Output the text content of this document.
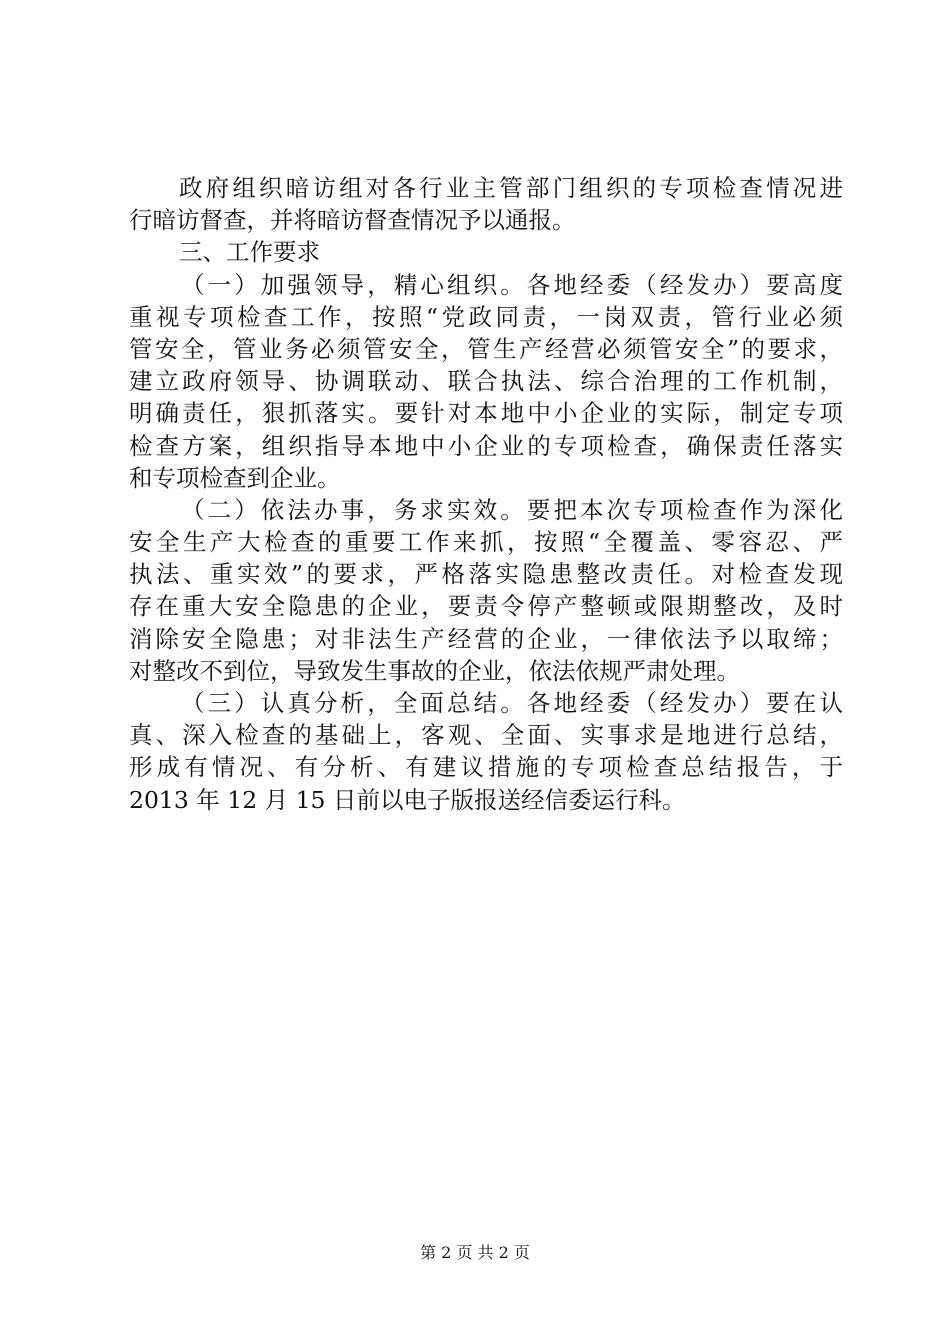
政府组织暗访组对各行业主管部门组织的专项检查情况进
行暗访督查，并将暗访督查情况予以通报。
三、工作要求
（一）加强领导，精心组织。各地经委（经发办）要高度
重视专项检查工作，按照“党政同责，一岗双责，管行业必须
管安全，管业务必须管安全，管生产经营必须管安全”的要求，
建立政府领导、协调联动、联合执法、综合治理的工作机制，
明确责任，狠抓落实。要针对本地中小企业的实际，制定专项
检查方案，组织指导本地中小企业的专项检查，确保责任落实
和专项检查到企业。
（二）依法办事，务求实效。要把本次专项检查作为深化
安全生产大检查的重要工作来抓，按照“全覆盖、零容忍、严
执法、重实效”的要求，严格落实隐患整改责任。对检查发现
存在重大安全隐患的企业，要责令停产整顿或限期整改，及时
消除安全隐患；对非法生产经营的企业，一律依法予以取缔；
对整改不到位，导致发生事故的企业，依法依规严肃处理。
（三）认真分析，全面总结。各地经委（经发办）要在认
真、深入检查的基础上，客观、全面、实事求是地进行总结，
形成有情况、有分析、有建议措施的专项检查总结报告，于
2013 年 12 月 15 日前以电子版报送经信委运行科。
第 2 页 共 2 页
